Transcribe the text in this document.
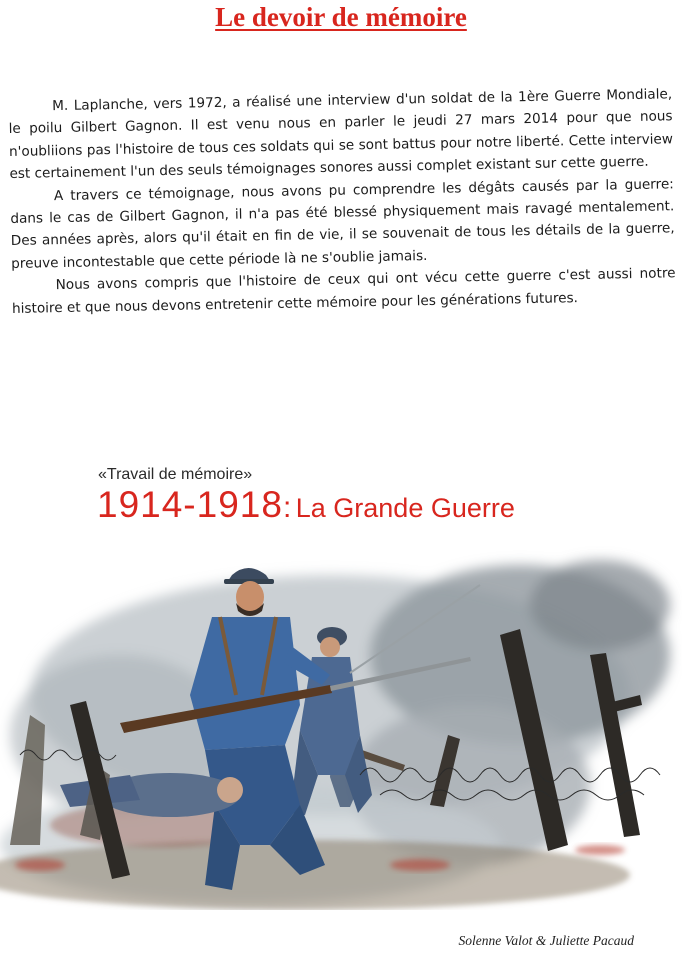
Le devoir de mémoire

M. Laplanche, vers 1972, a réalisé une interview d'un soldat de la 1ère Guerre Mondiale, le poilu Gilbert Gagnon. Il est venu nous en parler le jeudi 27 mars 2014 pour que nous n'oubliions pas l'histoire de tous ces soldats qui se sont battus pour notre liberté. Cette interview est certainement l'un des seuls témoignages sonores aussi complet existant sur cette guerre.

A travers ce témoignage, nous avons pu comprendre les dégâts causés par la guerre: dans le cas de Gilbert Gagnon, il n'a pas été blessé physiquement mais ravagé mentalement. Des années après, alors qu'il était en fin de vie, il se souvenait de tous les détails de la guerre, preuve incontestable que cette période là ne s'oublie jamais.

Nous avons compris que l'histoire de ceux qui ont vécu cette guerre c'est aussi notre histoire et que nous devons entretenir cette mémoire pour les générations futures.

«Travail de mémoire»
1914-1918: La Grande Guerre
Solenne Valot & Juliette Pacaud
